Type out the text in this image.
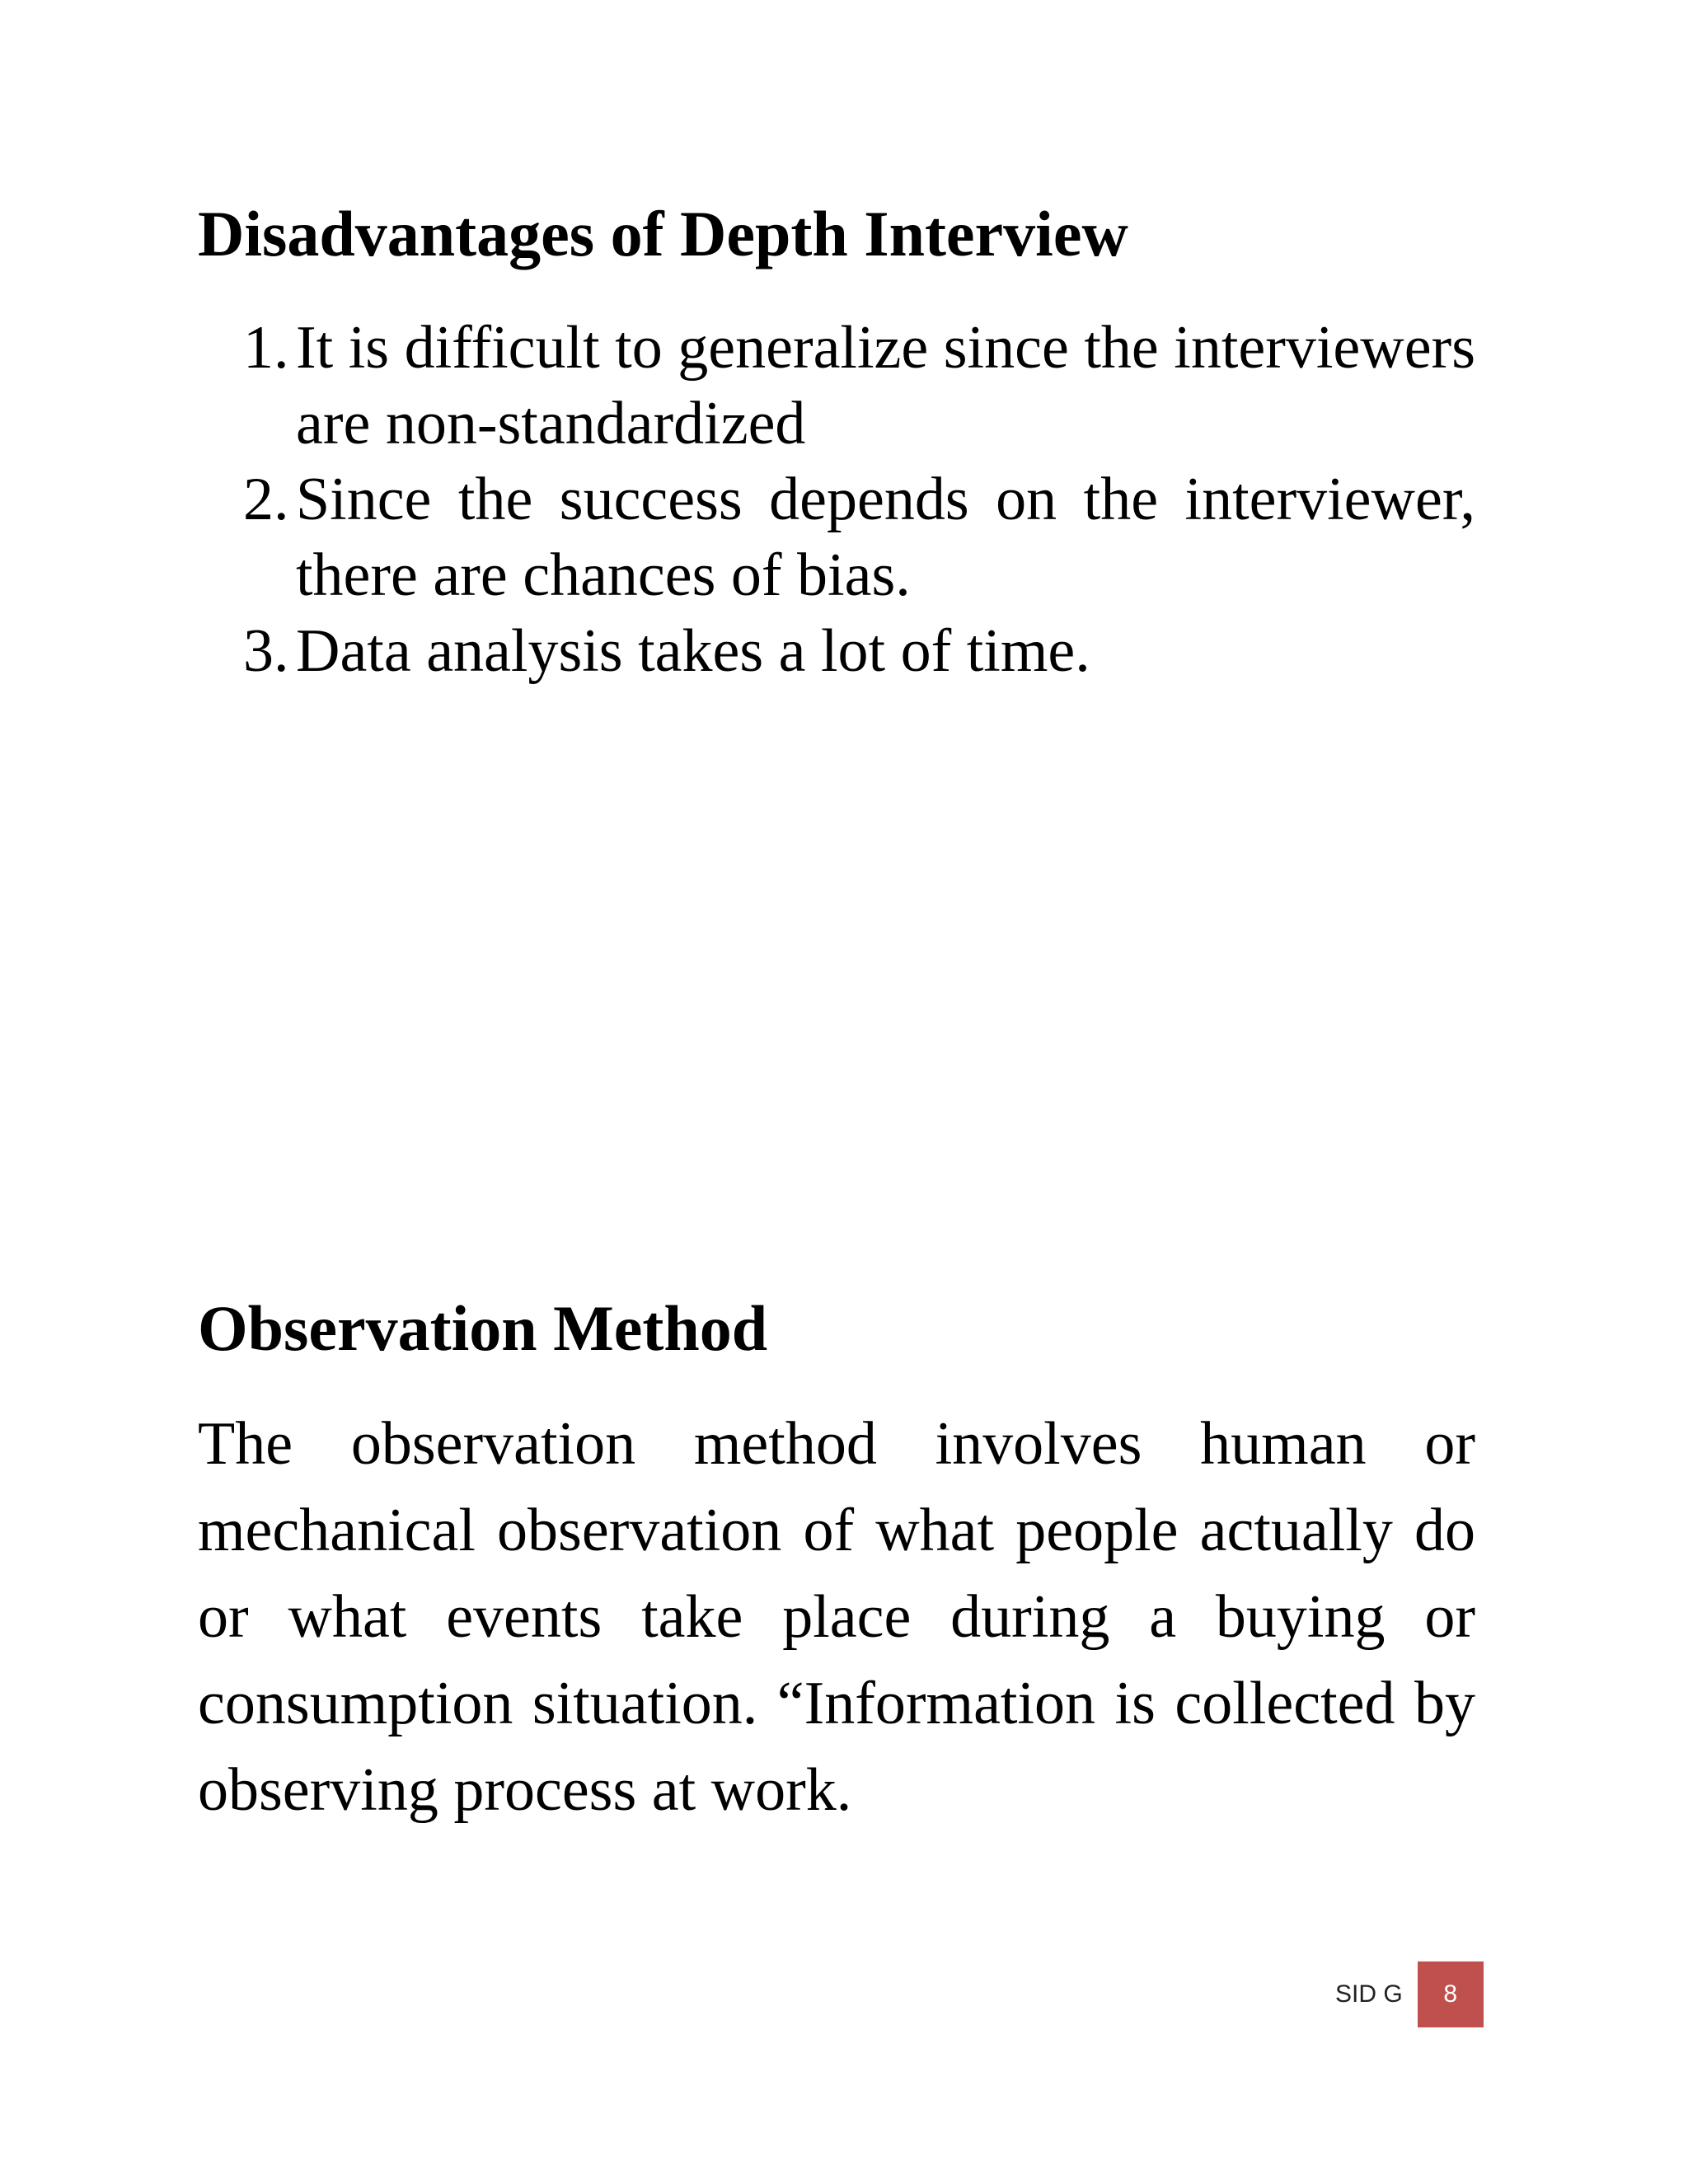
Disadvantages of Depth Interview
1. It is difficult to generalize since the interviewers are non-standardized
2. Since the success depends on the interviewer, there are chances of bias.
3. Data analysis takes a lot of time.
Observation Method

The observation method involves human or mechanical observation of what people actually do or what events take place during a buying or consumption situation. “Information is collected by observing process at work.

SID G	8
